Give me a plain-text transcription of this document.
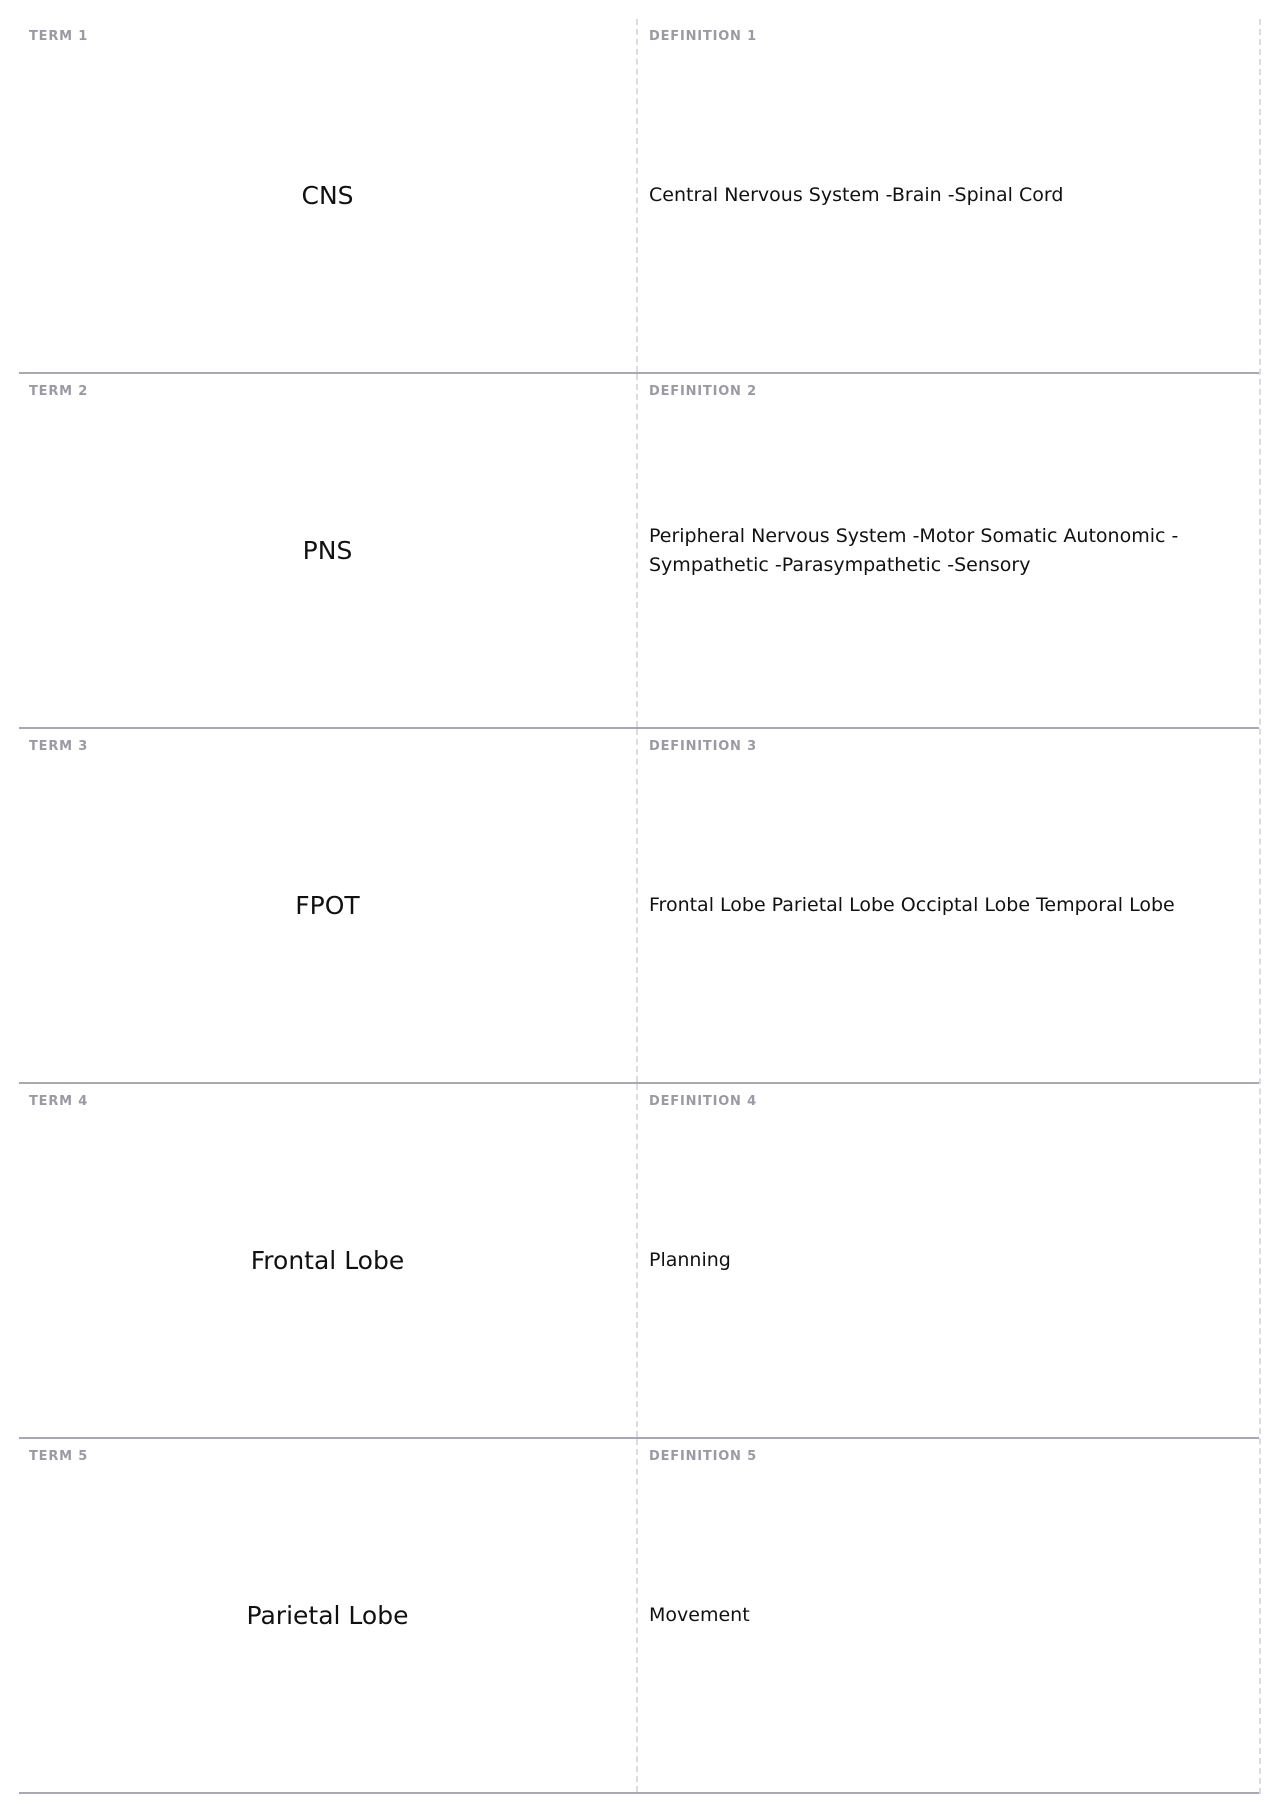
TERM 1
CNS
DEFINITION 1
Central Nervous System -Brain -Spinal Cord
TERM 2
PNS
DEFINITION 2
Peripheral Nervous System -Motor Somatic Autonomic -Sympathetic -Parasympathetic -Sensory
TERM 3
FPOT
DEFINITION 3
Frontal Lobe Parietal Lobe Occiptal Lobe Temporal Lobe
TERM 4
Frontal Lobe
DEFINITION 4
Planning
TERM 5
Parietal Lobe
DEFINITION 5
Movement
